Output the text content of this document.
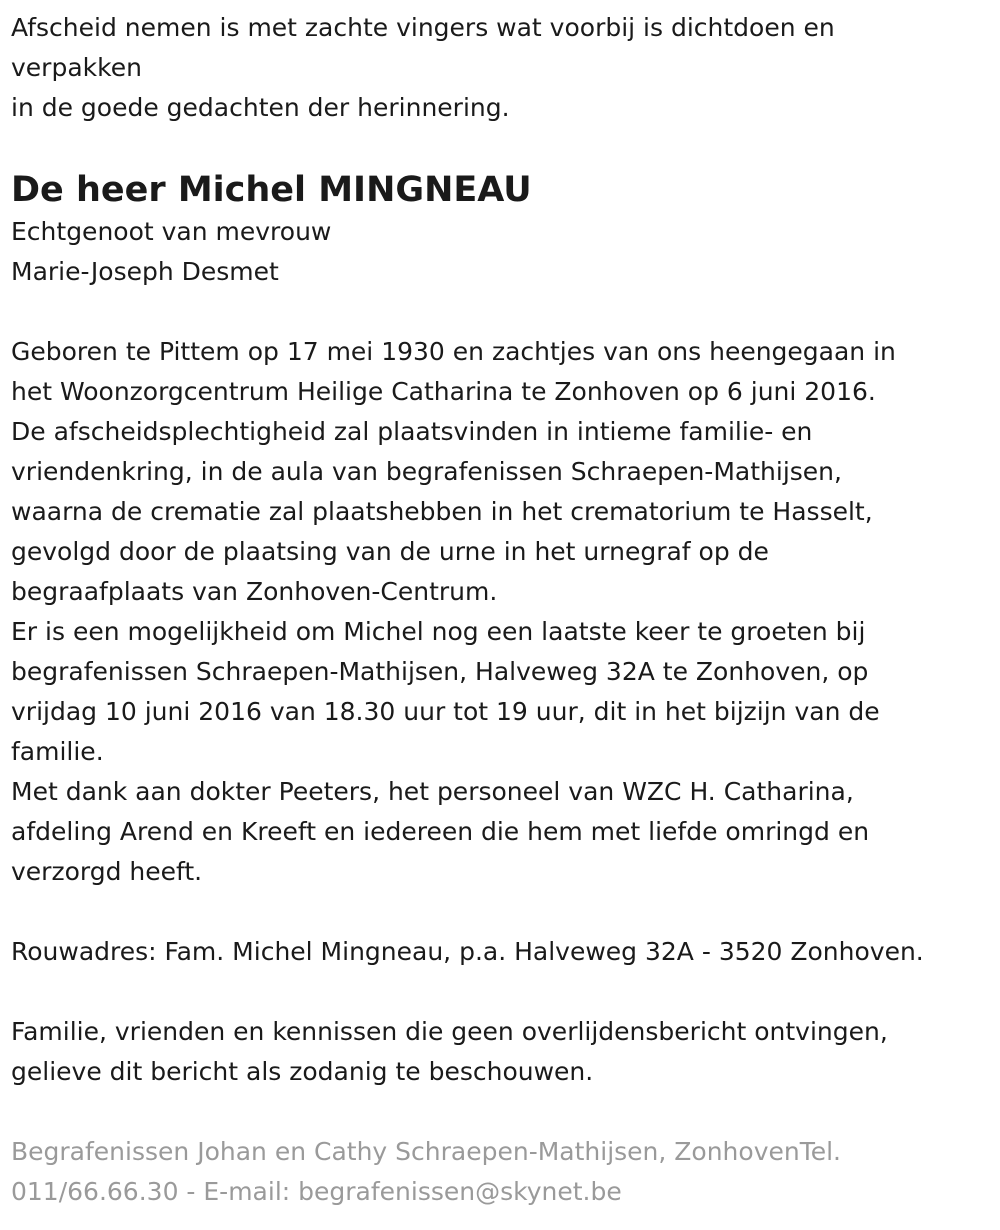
Afscheid nemen is met zachte vingers wat voorbij is dichtdoen en

verpakken

in de goede gedachten der herinnering.

De heer Michel MINGNEAU

Echtgenoot van mevrouw

Marie-Joseph Desmet

Geboren te Pittem op 17 mei 1930 en zachtjes van ons heengegaan in

het Woonzorgcentrum Heilige Catharina te Zonhoven op 6 juni 2016.

De afscheidsplechtigheid zal plaatsvinden in intieme familie- en

vriendenkring, in de aula van begrafenissen Schraepen-Mathijsen,

waarna de crematie zal plaatshebben in het crematorium te Hasselt,

gevolgd door de plaatsing van de urne in het urnegraf op de

begraafplaats van Zonhoven-Centrum.

Er is een mogelijkheid om Michel nog een laatste keer te groeten bij

begrafenissen Schraepen-Mathijsen, Halveweg 32A te Zonhoven, op

vrijdag 10 juni 2016 van 18.30 uur tot 19 uur, dit in het bijzijn van de

familie.

Met dank aan dokter Peeters, het personeel van WZC H. Catharina,

afdeling Arend en Kreeft en iedereen die hem met liefde omringd en

verzorgd heeft.

Rouwadres: Fam. Michel Mingneau, p.a. Halveweg 32A - 3520 Zonhoven.

Familie, vrienden en kennissen die geen overlijdensbericht ontvingen,

gelieve dit bericht als zodanig te beschouwen.

Begrafenissen Johan en Cathy Schraepen-Mathijsen, ZonhovenTel.

011/66.66.30 - E-mail: begrafenissen@skynet.be
